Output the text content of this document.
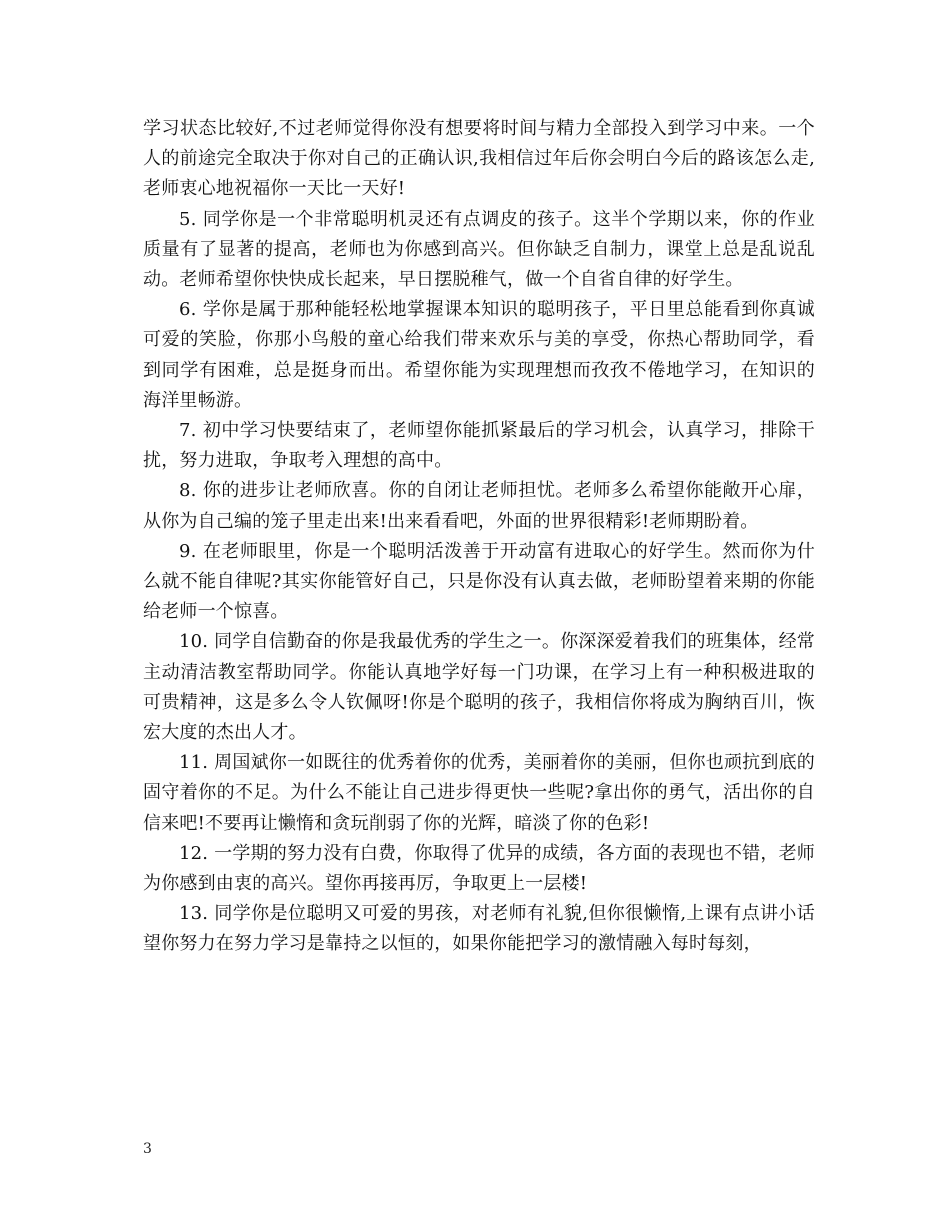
学习状态比较好,不过老师觉得你没有想要将时间与精力全部投入到学习中来。一个人的前途完全取决于你对自己的正确认识,我相信过年后你会明白今后的路该怎么走,老师衷心地祝福你一天比一天好!

5. 同学你是一个非常聪明机灵还有点调皮的孩子。这半个学期以来，你的作业质量有了显著的提高，老师也为你感到高兴。但你缺乏自制力，课堂上总是乱说乱动。老师希望你快快成长起来，早日摆脱稚气，做一个自省自律的好学生。

6. 学你是属于那种能轻松地掌握课本知识的聪明孩子，平日里总能看到你真诚可爱的笑脸，你那小鸟般的童心给我们带来欢乐与美的享受，你热心帮助同学，看到同学有困难，总是挺身而出。希望你能为实现理想而孜孜不倦地学习，在知识的海洋里畅游。

7. 初中学习快要结束了，老师望你能抓紧最后的学习机会，认真学习，排除干扰，努力进取，争取考入理想的高中。

8. 你的进步让老师欣喜。你的自闭让老师担忧。老师多么希望你能敞开心扉，从你为自己编的笼子里走出来!出来看看吧，外面的世界很精彩!老师期盼着。

9. 在老师眼里，你是一个聪明活泼善于开动富有进取心的好学生。然而你为什么就不能自律呢?其实你能管好自己，只是你没有认真去做，老师盼望着来期的你能给老师一个惊喜。

10. 同学自信勤奋的你是我最优秀的学生之一。你深深爱着我们的班集体，经常主动清洁教室帮助同学。你能认真地学好每一门功课，在学习上有一种积极进取的可贵精神，这是多么令人钦佩呀!你是个聪明的孩子，我相信你将成为胸纳百川，恢宏大度的杰出人才。

11. 周国斌你一如既往的优秀着你的优秀，美丽着你的美丽，但你也顽抗到底的固守着你的不足。为什么不能让自己进步得更快一些呢?拿出你的勇气，活出你的自信来吧!不要再让懒惰和贪玩削弱了你的光辉，暗淡了你的色彩!

12. 一学期的努力没有白费，你取得了优异的成绩，各方面的表现也不错，老师为你感到由衷的高兴。望你再接再厉，争取更上一层楼!

13. 同学你是位聪明又可爱的男孩，对老师有礼貌,但你很懒惰,上课有点讲小话望你努力在努力学习是靠持之以恒的，如果你能把学习的激情融入每时每刻，

3
